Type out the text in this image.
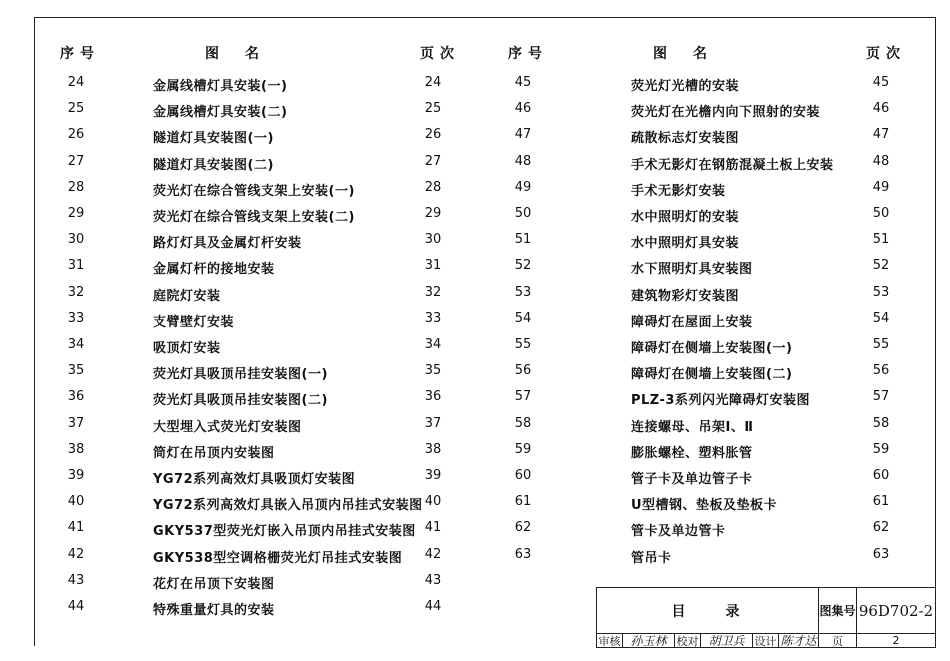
序号	图　名	页次	序号	图　名	页次
24	金属线槽灯具安装(一)	24
25	金属线槽灯具安装(二)	25
26	隧道灯具安装图(一)	26
27	隧道灯具安装图(二)	27
28	荧光灯在综合管线支架上安装(一)	28
29	荧光灯在综合管线支架上安装(二)	29
30	路灯灯具及金属灯杆安装	30
31	金属灯杆的接地安装	31
32	庭院灯安装	32
33	支臂壁灯安装	33
34	吸顶灯安装	34
35	荧光灯具吸顶吊挂安装图(一)	35
36	荧光灯具吸顶吊挂安装图(二)	36
37	大型埋入式荧光灯安装图	37
38	筒灯在吊顶内安装图	38
39	YG72系列高效灯具吸顶灯安装图	39
40	YG72系列高效灯具嵌入吊顶内吊挂式安装图 40
41	GKY537型荧光灯嵌入吊顶内吊挂式安装图 41
42	GKY538型空调格栅荧光灯吊挂式安装图	42
43	花灯在吊顶下安装图	43
44	特殊重量灯具的安装	44
45	荧光灯光槽的安装	45
46	荧光灯在光檐内向下照射的安装	46
47	疏散标志灯安装图	47
48	手术无影灯在钢筋混凝土板上安装	48
49	手术无影灯安装	49
50	水中照明灯的安装	50
51	水中照明灯具安装	51
52	水下照明灯具安装图	52
53	建筑物彩灯安装图	53
54	障碍灯在屋面上安装	54
55	障碍灯在侧墙上安装图(一)	55
56	障碍灯在侧墙上安装图(二)	56
57	PLZ-3系列闪光障碍灯安装图	57
58	连接螺母、吊架Ⅰ、Ⅱ	58
59	膨胀螺栓、塑料胀管	59
60	管子卡及单边管子卡	60
61	U型槽钢、垫板及垫板卡	61
62	管卡及单边管卡	62
63	管吊卡	63
目　　录	图集号 96D702-2
审核 孙玉林 校对 胡卫兵 设计 陈才达	页	2
